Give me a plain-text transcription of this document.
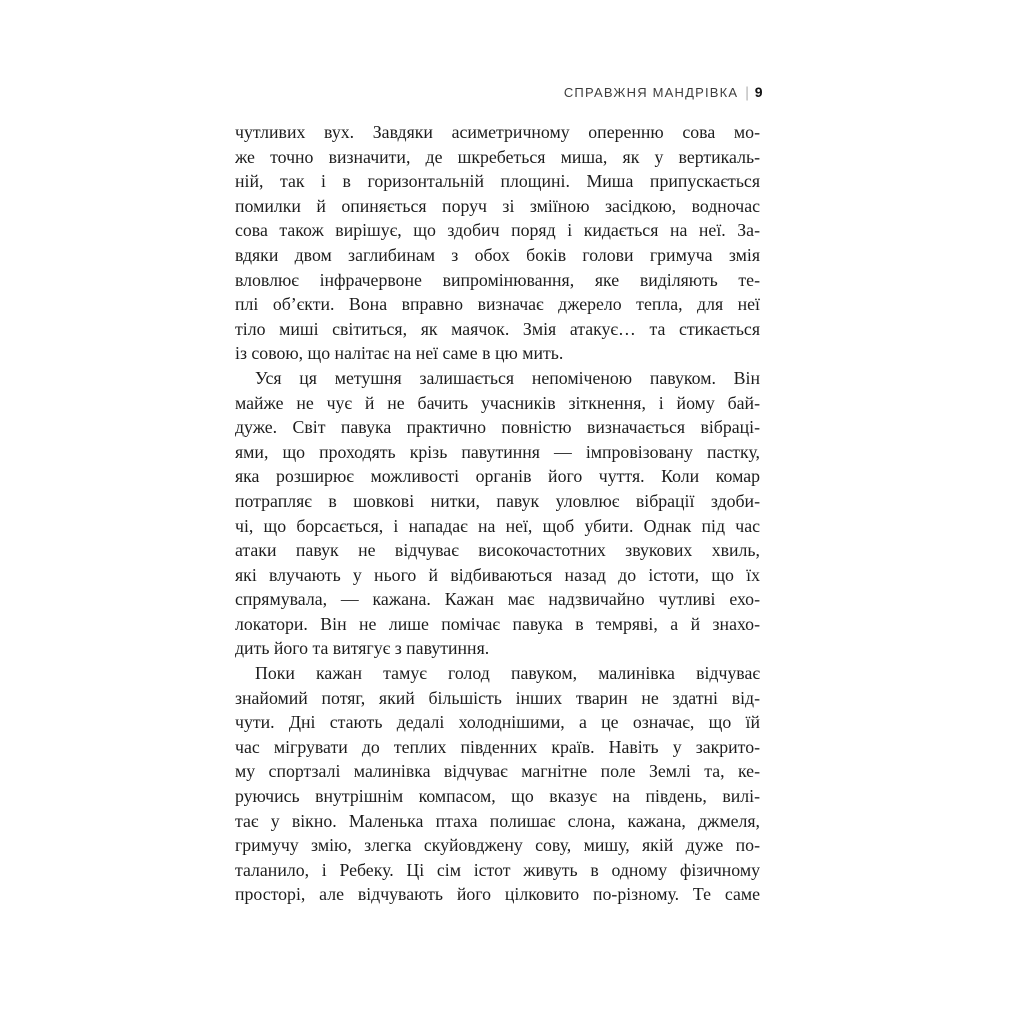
СПРАВЖНЯ МАНДРІВКА | 9
чутливих вух. Завдяки асиметричному оперенню сова мо-
же точно визначити, де шкребеться миша, як у вертикаль-
ній, так і в горизонтальній площині. Миша припускається
помилки й опиняється поруч зі зміїною засідкою, водночас
сова також вирішує, що здобич поряд і кидається на неї. За-
вдяки двом заглибинам з обох боків голови гримуча змія
вловлює інфрачервоне випромінювання, яке виділяють те-
плі об’єкти. Вона вправно визначає джерело тепла, для неї
тіло миші світиться, як маячок. Змія атакує… та стикається
із совою, що налітає на неї саме в цю мить.
Уся ця метушня залишається непоміченою павуком. Він
майже не чує й не бачить учасників зіткнення, і йому бай-
дуже. Світ павука практично повністю визначається вібраці-
ями, що проходять крізь павутиння — імпровізовану пастку,
яка розширює можливості органів його чуття. Коли комар
потрапляє в шовкові нитки, павук уловлює вібрації здоби-
чі, що борсається, і нападає на неї, щоб убити. Однак під час
атаки павук не відчуває високочастотних звукових хвиль,
які влучають у нього й відбиваються назад до істоти, що їх
спрямувала, — кажана. Кажан має надзвичайно чутливі ехо-
локатори. Він не лише помічає павука в темряві, а й знахо-
дить його та витягує з павутиння.
Поки кажан тамує голод павуком, малинівка відчуває
знайомий потяг, який більшість інших тварин не здатні від-
чути. Дні стають дедалі холоднішими, а це означає, що їй
час мігрувати до теплих південних країв. Навіть у закрито-
му спортзалі малинівка відчуває магнітне поле Землі та, ке-
руючись внутрішнім компасом, що вказує на південь, вилі-
тає у вікно. Маленька птаха полишає слона, кажана, джмеля,
гримучу змію, злегка скуйовджену сову, мишу, якій дуже по-
таланило, і Ребеку. Ці сім істот живуть в одному фізичному
просторі, але відчувають його цілковито по-різному. Те саме
